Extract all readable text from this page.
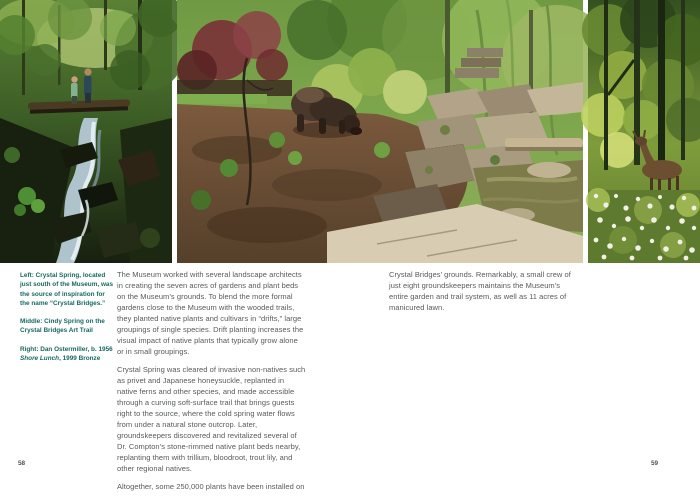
Left: Crystal Spring, located just south of the Museum, was the source of inspiration for the name “Crystal Bridges.”

Middle: Cindy Spring on the Crystal Bridges Art Trail

Right: Dan Ostermiller, b. 1956 Shore Lunch, 1999 Bronze

The Museum worked with several landscape architects in creating the seven acres of gardens and plant beds on the Museum’s grounds. To blend the more formal gardens close to the Museum with the wooded trails, they planted native plants and cultivars in “drifts,” large groupings of single species. Drift planting increases the visual impact of native plants that typically grow alone or in small groupings.

Crystal Spring was cleared of invasive non-natives such as privet and Japanese honeysuckle, replanted in native ferns and other species, and made accessible through a curving soft-surface trail that brings guests right to the source, where the cold spring water flows from under a natural stone outcrop. Later, groundskeepers discovered and revitalized several of Dr. Compton’s stone-rimmed native plant beds nearby, replanting them with trillium, bloodroot, trout lily, and other regional natives.

Altogether, some 250,000 plants have been installed on

Crystal Bridges’ grounds. Remarkably, a small crew of just eight groundskeepers maintains the Museum’s entire garden and trail system, as well as 11 acres of manicured lawn.

58	59
